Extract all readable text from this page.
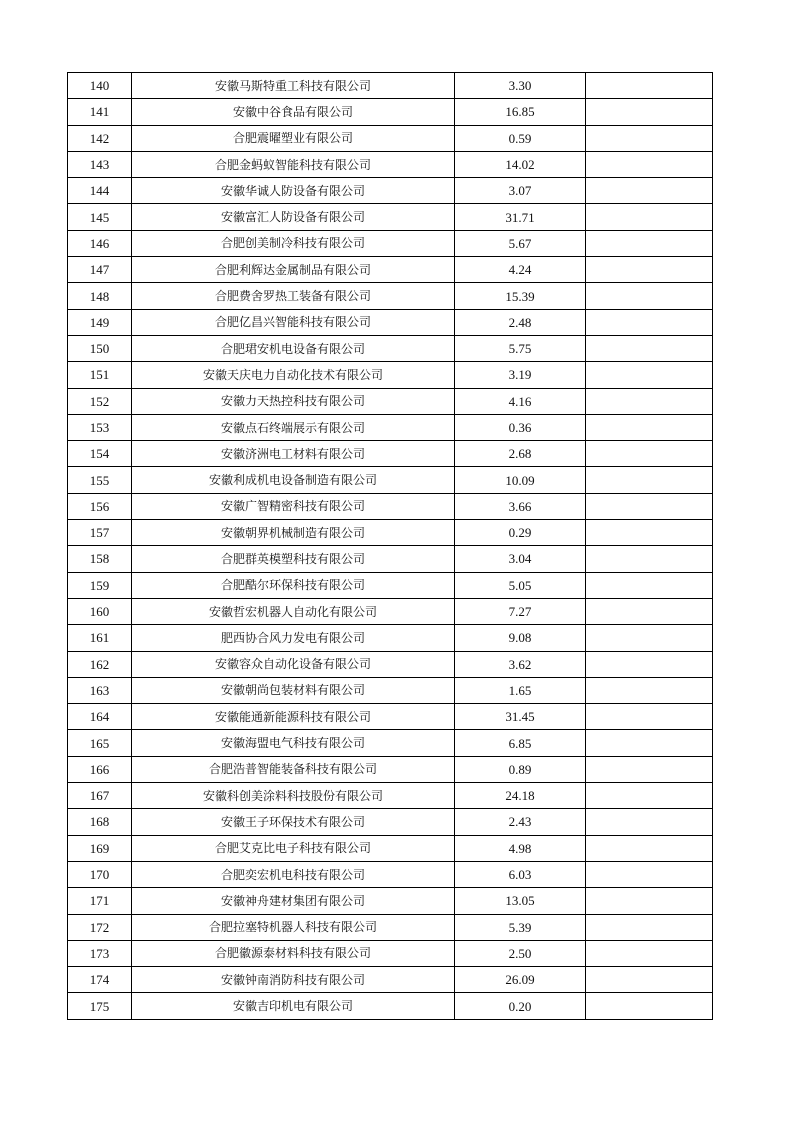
140	安徽马斯特重工科技有限公司	3.30	
141	安徽中谷食品有限公司	16.85	
142	合肥震曜塑业有限公司	0.59	
143	合肥金蚂蚁智能科技有限公司	14.02	
144	安徽华诚人防设备有限公司	3.07	
145	安徽富汇人防设备有限公司	31.71	
146	合肥创美制冷科技有限公司	5.67	
147	合肥利辉达金属制品有限公司	4.24	
148	合肥费舍罗热工装备有限公司	15.39	
149	合肥亿昌兴智能科技有限公司	2.48	
150	合肥珺安机电设备有限公司	5.75	
151	安徽天庆电力自动化技术有限公司	3.19	
152	安徽力天热控科技有限公司	4.16	
153	安徽点石终端展示有限公司	0.36	
154	安徽济洲电工材料有限公司	2.68	
155	安徽利成机电设备制造有限公司	10.09	
156	安徽广智精密科技有限公司	3.66	
157	安徽朝界机械制造有限公司	0.29	
158	合肥群英模塑科技有限公司	3.04	
159	合肥酷尔环保科技有限公司	5.05	
160	安徽哲宏机器人自动化有限公司	7.27	
161	肥西协合风力发电有限公司	9.08	
162	安徽容众自动化设备有限公司	3.62	
163	安徽朝尚包装材料有限公司	1.65	
164	安徽能通新能源科技有限公司	31.45	
165	安徽海盟电气科技有限公司	6.85	
166	合肥浩普智能装备科技有限公司	0.89	
167	安徽科创美涂料科技股份有限公司	24.18	
168	安徽王子环保技术有限公司	2.43	
169	合肥艾克比电子科技有限公司	4.98	
170	合肥奕宏机电科技有限公司	6.03	
171	安徽神舟建材集团有限公司	13.05	
172	合肥拉塞特机器人科技有限公司	5.39	
173	合肥徽源泰材料科技有限公司	2.50	
174	安徽钟南消防科技有限公司	26.09	
175	安徽吉印机电有限公司	0.20	
